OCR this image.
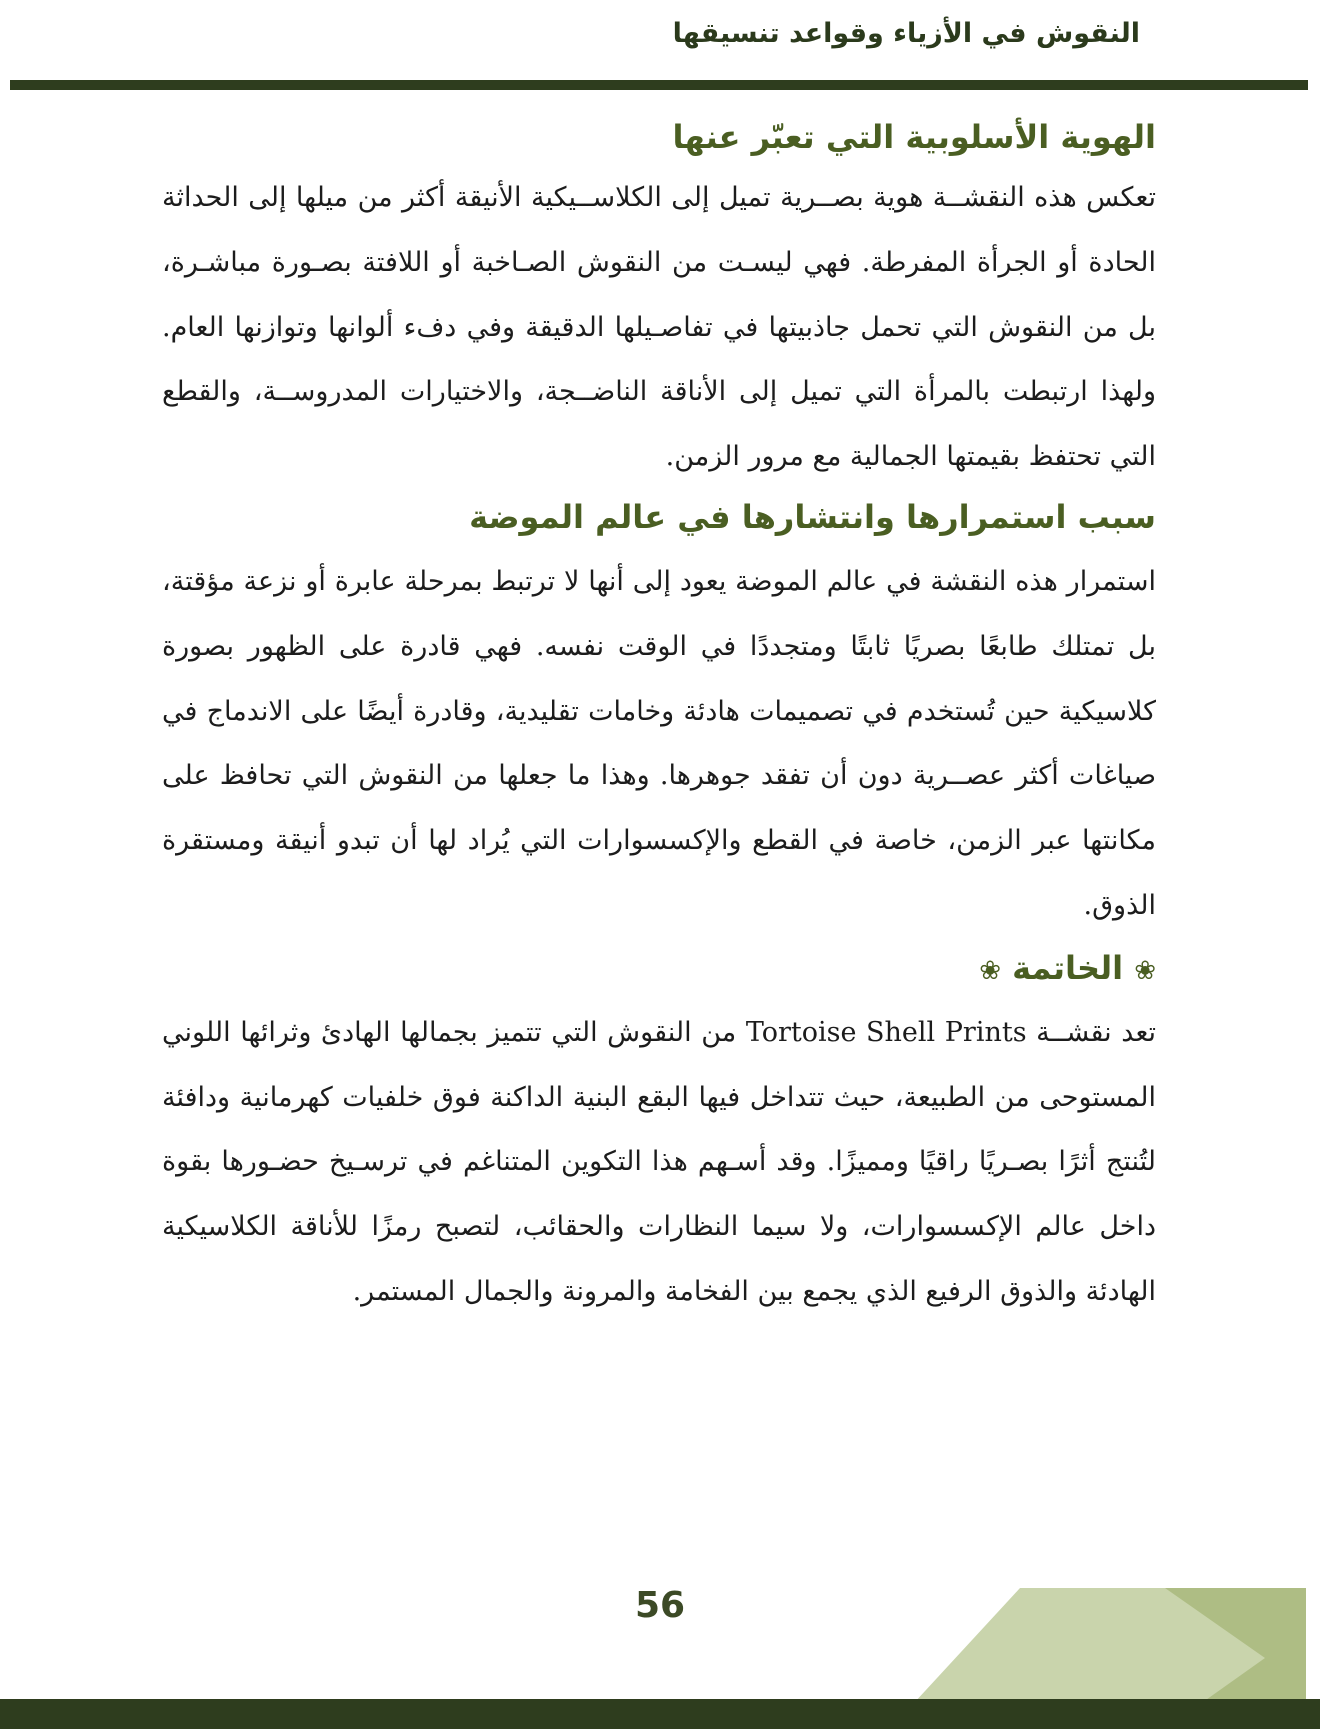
النقوش في الأزياء وقواعد تنسيقها
الهوية الأسلوبية التي تعبّر عنها

تعكس هذه النقشــة هوية بصــرية تميل إلى الكلاســيكية الأنيقة أكثر من ميلها إلى الحداثة الحادة أو الجرأة المفرطة. فهي ليسـت من النقوش الصـاخبة أو اللافتة بصـورة مباشـرة، بل من النقوش التي تحمل جاذبيتها في تفاصـيلها الدقيقة وفي دفء ألوانها وتوازنها العام. ولهذا ارتبطت بالمرأة التي تميل إلى الأناقة الناضــجة، والاختيارات المدروســة، والقطع التي تحتفظ بقيمتها الجمالية مع مرور الزمن.

سبب استمرارها وانتشارها في عالم الموضة

استمرار هذه النقشة في عالم الموضة يعود إلى أنها لا ترتبط بمرحلة عابرة أو نزعة مؤقتة، بل تمتلك طابعًا بصريًا ثابتًا ومتجددًا في الوقت نفسه. فهي قادرة على الظهور بصورة كلاسيكية حين تُستخدم في تصميمات هادئة وخامات تقليدية، وقادرة أيضًا على الاندماج في صياغات أكثر عصــرية دون أن تفقد جوهرها. وهذا ما جعلها من النقوش التي تحافظ على مكانتها عبر الزمن، خاصة في القطع والإكسسوارات التي يُراد لها أن تبدو أنيقة ومستقرة الذوق.

❀ الخاتمة ❀

تعد نقشــة Tortoise Shell Prints من النقوش التي تتميز بجمالها الهادئ وثرائها اللوني المستوحى من الطبيعة، حيث تتداخل فيها البقع البنية الداكنة فوق خلفيات كهرمانية ودافئة لتُنتج أثرًا بصـريًا راقيًا ومميزًا. وقد أسـهم هذا التكوين المتناغم في ترسـيخ حضـورها بقوة داخل عالم الإكسسوارات، ولا سيما النظارات والحقائب، لتصبح رمزًا للأناقة الكلاسيكية الهادئة والذوق الرفيع الذي يجمع بين الفخامة والمرونة والجمال المستمر.

56
